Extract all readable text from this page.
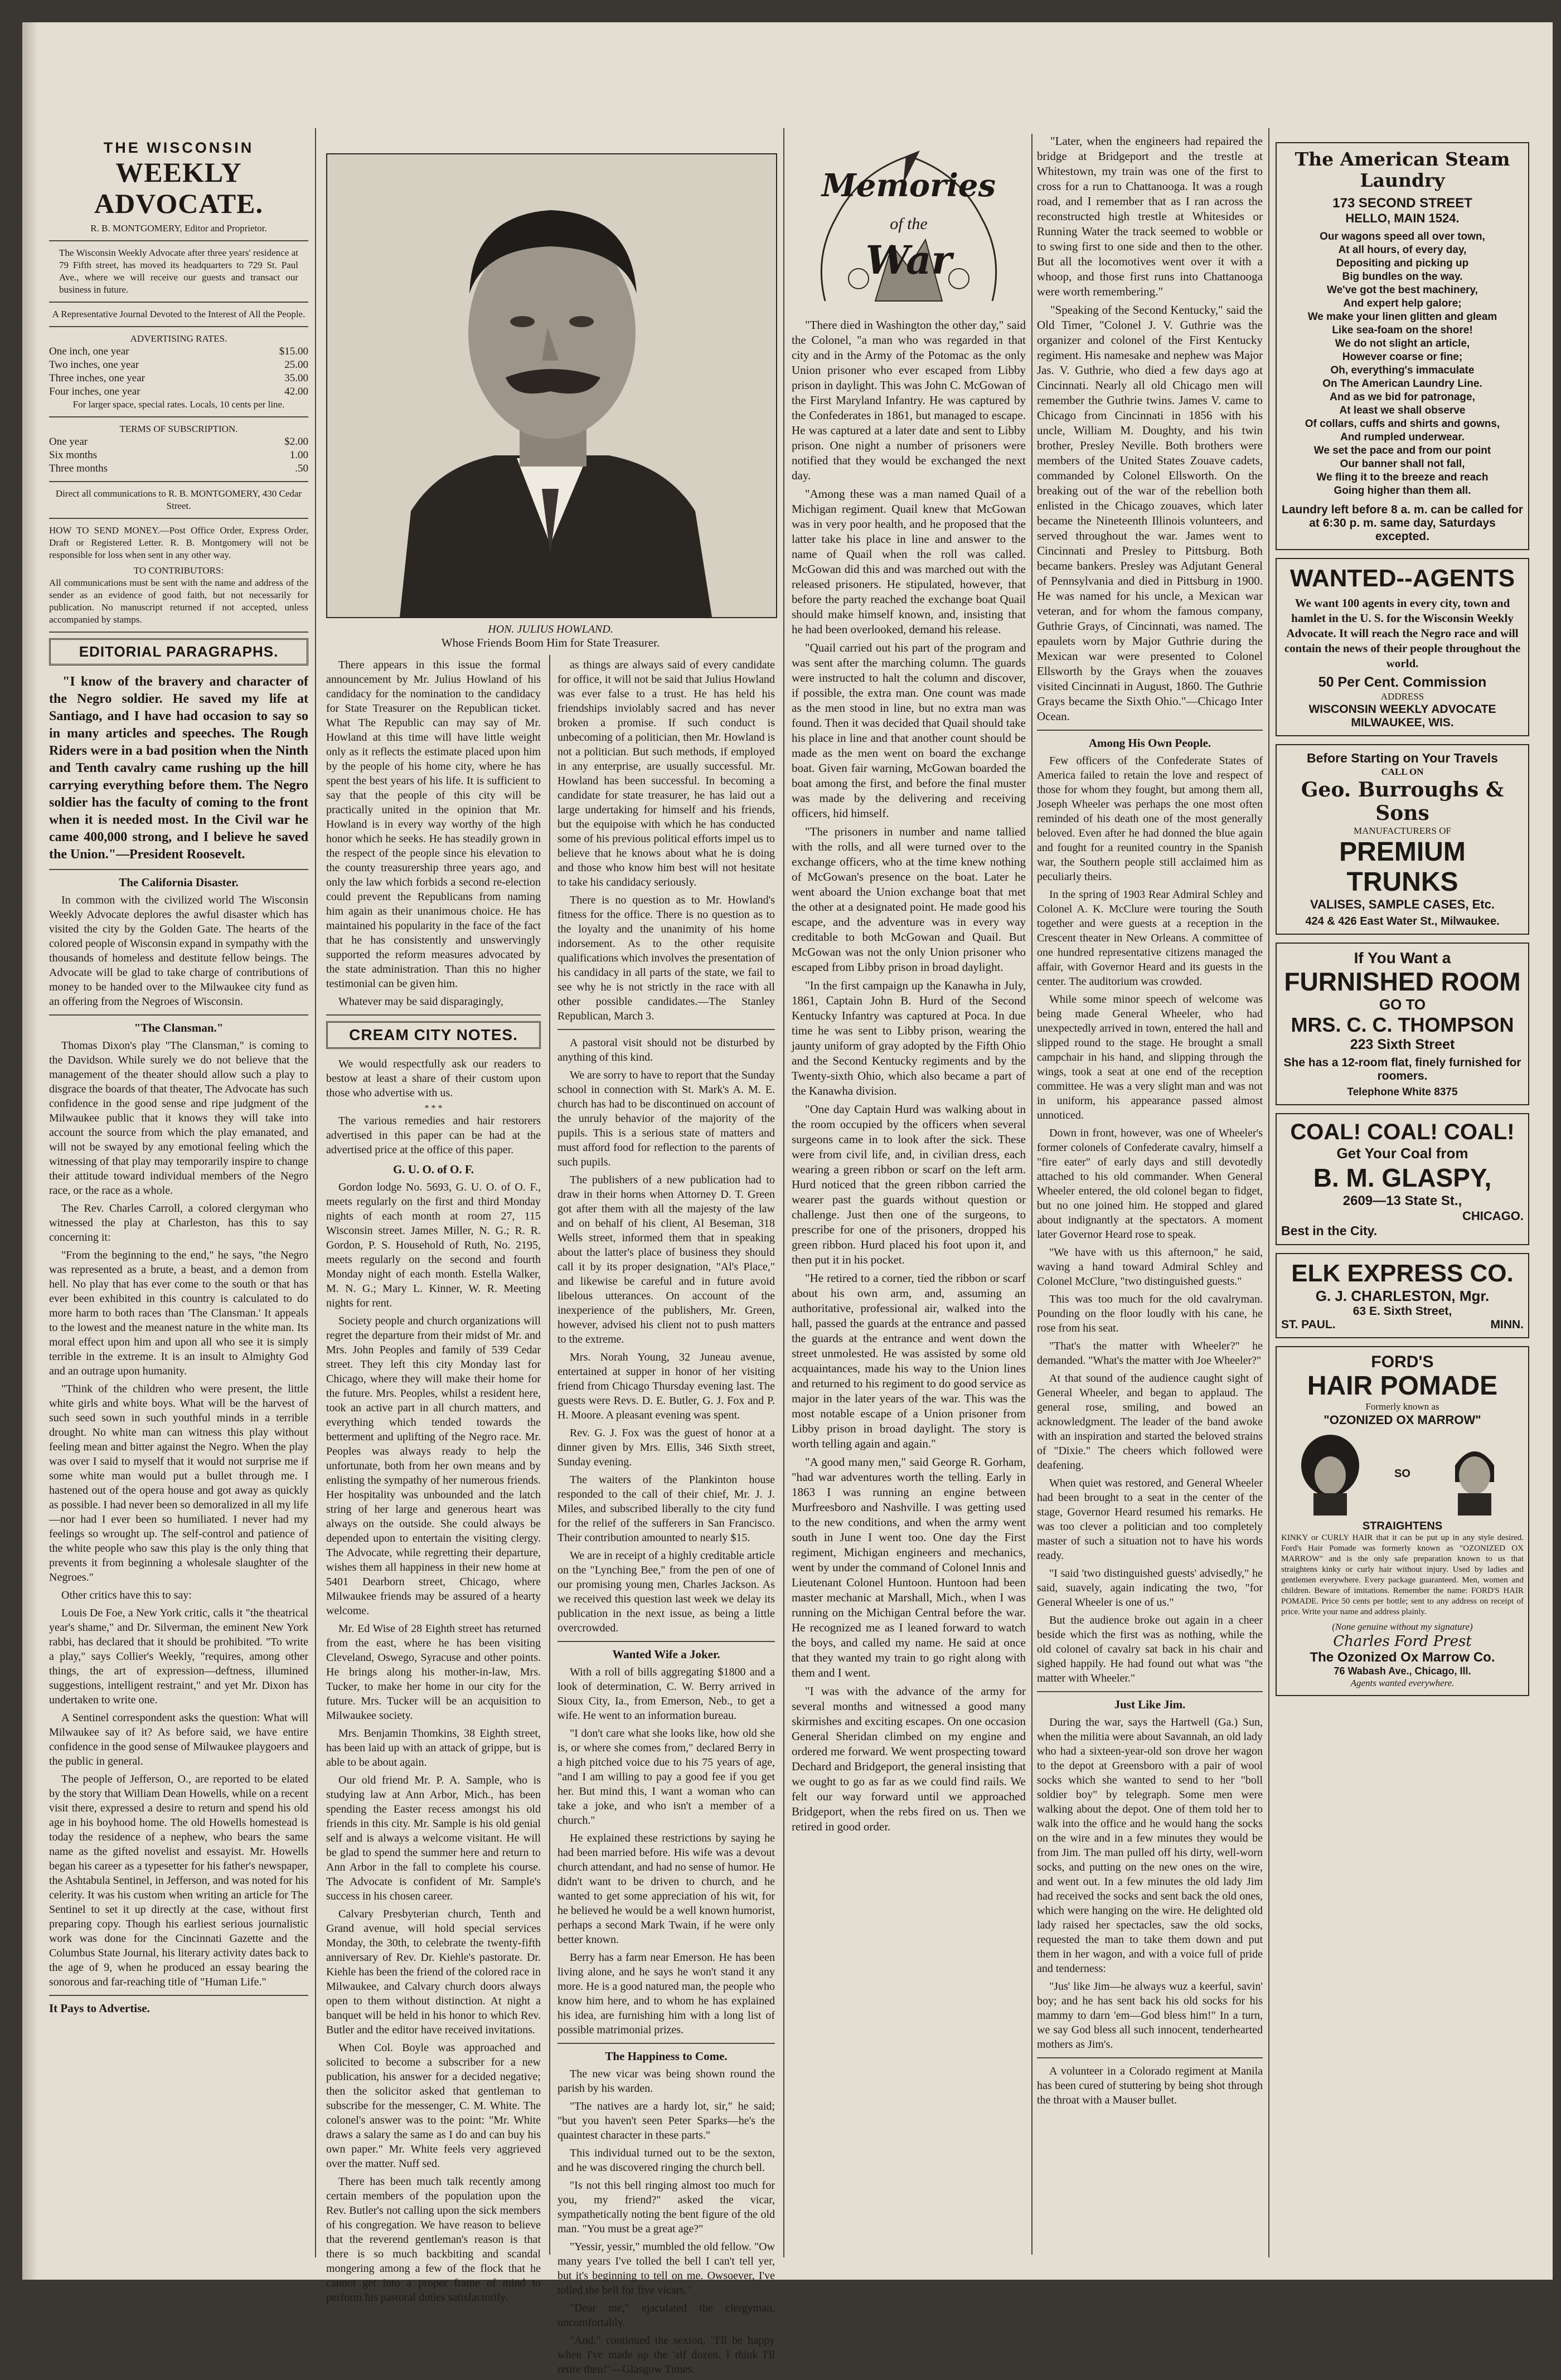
THE WISCONSIN
WEEKLY ADVOCATE.
R. B. MONTGOMERY, Editor and Proprietor.
The Wisconsin Weekly Advocate after three years' residence at 79 Fifth street, has moved its headquarters to 729 St. Paul Ave., where we will receive our guests and transact our business in future.
A Representative Journal Devoted to the Interest of All the People.
ADVERTISING RATES.
One inch, one year	$15.00
Two inches, one year	25.00
Three inches, one year	35.00
Four inches, one year	42.00
For larger space, special rates. Locals, 10 cents per line.
TERMS OF SUBSCRIPTION.
One year	$2.00
Six months	1.00
Three months	.50
Direct all communications to R. B. MONTGOMERY, 430 Cedar Street.
HOW TO SEND MONEY.—Post Office Order, Express Order, Draft or Registered Letter. R. B. Montgomery will not be responsible for loss when sent in any other way.
TO CONTRIBUTORS:
All communications must be sent with the name and address of the sender as an evidence of good faith, but not necessarily for publication. No manuscript returned if not accepted, unless accompanied by stamps.
EDITORIAL PARAGRAPHS.

"I know of the bravery and character of the Negro soldier. He saved my life at Santiago, and I have had occasion to say so in many articles and speeches. The Rough Riders were in a bad position when the Ninth and Tenth cavalry came rushing up the hill carrying everything before them. The Negro soldier has the faculty of coming to the front when it is needed most. In the Civil war he came 400,000 strong, and I believe he saved the Union."—President Roosevelt.

The California Disaster.

In common with the civilized world The Wisconsin Weekly Advocate deplores the awful disaster which has visited the city by the Golden Gate. The hearts of the colored people of Wisconsin expand in sympathy with the thousands of homeless and destitute fellow beings. The Advocate will be glad to take charge of contributions of money to be handed over to the Milwaukee city fund as an offering from the Negroes of Wisconsin.

"The Clansman."

Thomas Dixon's play "The Clansman," is coming to the Davidson. While surely we do not believe that the management of the theater should allow such a play to disgrace the boards of that theater, The Advocate has such confidence in the good sense and ripe judgment of the Milwaukee public that it knows they will take into account the source from which the play emanated, and will not be swayed by any emotional feeling which the witnessing of that play may temporarily inspire to change their attitude toward individual members of the Negro race, or the race as a whole.

The Rev. Charles Carroll, a colored clergyman who witnessed the play at Charleston, has this to say concerning it:

"From the beginning to the end," he says, "the Negro was represented as a brute, a beast, and a demon from hell. No play that has ever come to the south or that has ever been exhibited in this country is calculated to do more harm to both races than 'The Clansman.' It appeals to the lowest and the meanest nature in the white man. Its moral effect upon him and upon all who see it is simply terrible in the extreme. It is an insult to Almighty God and an outrage upon humanity.

"Think of the children who were present, the little white girls and white boys. What will be the harvest of such seed sown in such youthful minds in a terrible drought. No white man can witness this play without feeling mean and bitter against the Negro. When the play was over I said to myself that it would not surprise me if some white man would put a bullet through me. I hastened out of the opera house and got away as quickly as possible. I had never been so demoralized in all my life—nor had I ever been so humiliated. I never had my feelings so wrought up. The self-control and patience of the white people who saw this play is the only thing that prevents it from beginning a wholesale slaughter of the Negroes."

Other critics have this to say:

Louis De Foe, a New York critic, calls it "the theatrical year's shame," and Dr. Silverman, the eminent New York rabbi, has declared that it should be prohibited. "To write a play," says Collier's Weekly, "requires, among other things, the art of expression—deftness, illumined suggestions, intelligent restraint," and yet Mr. Dixon has undertaken to write one.

A Sentinel correspondent asks the question: What will Milwaukee say of it? As before said, we have entire confidence in the good sense of Milwaukee playgoers and the public in general.

The people of Jefferson, O., are reported to be elated by the story that William Dean Howells, while on a recent visit there, expressed a desire to return and spend his old age in his boyhood home. The old Howells homestead is today the residence of a nephew, who bears the same name as the gifted novelist and essayist. Mr. Howells began his career as a typesetter for his father's newspaper, the Ashtabula Sentinel, in Jefferson, and was noted for his celerity. It was his custom when writing an article for The Sentinel to set it up directly at the case, without first preparing copy. Though his earliest serious journalistic work was done for the Cincinnati Gazette and the Columbus State Journal, his literary activity dates back to the age of 9, when he produced an essay bearing the sonorous and far-reaching title of "Human Life."

It Pays to Advertise.
HON. JULIUS HOWLAND.
Whose Friends Boom Him for State Treasurer.

There appears in this issue the formal announcement by Mr. Julius Howland of his candidacy for the nomination to the candidacy for State Treasurer on the Republican ticket. What The Republic can may say of Mr. Howland at this time will have little weight only as it reflects the estimate placed upon him by the people of his home city, where he has spent the best years of his life. It is sufficient to say that the people of this city will be practically united in the opinion that Mr. Howland is in every way worthy of the high honor which he seeks. He has steadily grown in the respect of the people since his elevation to the county treasurership three years ago, and only the law which forbids a second re-election could prevent the Republicans from naming him again as their unanimous choice. He has maintained his popularity in the face of the fact that he has consistently and unswervingly supported the reform measures advocated by the state administration. Than this no higher testimonial can be given him.

Whatever may be said disparagingly,

CREAM CITY NOTES.

We would respectfully ask our readers to bestow at least a share of their custom upon those who advertise with us.

* * *

The various remedies and hair restorers advertised in this paper can be had at the advertised price at the office of this paper.

G. U. O. of O. F.

Gordon lodge No. 5693, G. U. O. of O. F., meets regularly on the first and third Monday nights of each month at room 27, 115 Wisconsin street. James Miller, N. G.; R. R. Gordon, P. S. Household of Ruth, No. 2195, meets regularly on the second and fourth Monday night of each month. Estella Walker, M. N. G.; Mary L. Kinner, W. R. Meeting nights for rent.

Society people and church organizations will regret the departure from their midst of Mr. and Mrs. John Peoples and family of 539 Cedar street. They left this city Monday last for Chicago, where they will make their home for the future. Mrs. Peoples, whilst a resident here, took an active part in all church matters, and everything which tended towards the betterment and uplifting of the Negro race. Mr. Peoples was always ready to help the unfortunate, both from her own means and by enlisting the sympathy of her numerous friends. Her hospitality was unbounded and the latch string of her large and generous heart was always on the outside. She could always be depended upon to entertain the visiting clergy. The Advocate, while regretting their departure, wishes them all happiness in their new home at 5401 Dearborn street, Chicago, where Milwaukee friends may be assured of a hearty welcome.

Mr. Ed Wise of 28 Eighth street has returned from the east, where he has been visiting Cleveland, Oswego, Syracuse and other points. He brings along his mother-in-law, Mrs. Tucker, to make her home in our city for the future. Mrs. Tucker will be an acquisition to Milwaukee society.

Mrs. Benjamin Thomkins, 38 Eighth street, has been laid up with an attack of grippe, but is able to be about again.

Our old friend Mr. P. A. Sample, who is studying law at Ann Arbor, Mich., has been spending the Easter recess amongst his old friends in this city. Mr. Sample is his old genial self and is always a welcome visitant. He will be glad to spend the summer here and return to Ann Arbor in the fall to complete his course. The Advocate is confident of Mr. Sample's success in his chosen career.

Calvary Presbyterian church, Tenth and Grand avenue, will hold special services Monday, the 30th, to celebrate the twenty-fifth anniversary of Rev. Dr. Kiehle's pastorate. Dr. Kiehle has been the friend of the colored race in Milwaukee, and Calvary church doors always open to them without distinction. At night a banquet will be held in his honor to which Rev. Butler and the editor have received invitations.

When Col. Boyle was approached and solicited to become a subscriber for a new publication, his answer for a decided negative; then the solicitor asked that gentleman to subscribe for the messenger, C. M. White. The colonel's answer was to the point: "Mr. White draws a salary the same as I do and can buy his own paper." Mr. White feels very aggrieved over the matter. Nuff sed.

There has been much talk recently among certain members of the population upon the Rev. Butler's not calling upon the sick members of his congregation. We have reason to believe that the reverend gentleman's reason is that there is so much backbiting and scandal mongering among a few of the flock that he cannot get into a proper frame of mind to perform his pastoral duties satisfactorily.

as things are always said of every candidate for office, it will not be said that Julius Howland was ever false to a trust. He has held his friendships inviolably sacred and has never broken a promise. If such conduct is unbecoming of a politician, then Mr. Howland is not a politician. But such methods, if employed in any enterprise, are usually successful. Mr. Howland has been successful. In becoming a candidate for state treasurer, he has laid out a large undertaking for himself and his friends, but the equipoise with which he has conducted some of his previous political efforts impel us to believe that he knows about what he is doing and those who know him best will not hesitate to take his candidacy seriously.

There is no question as to Mr. Howland's fitness for the office. There is no question as to the loyalty and the unanimity of his home indorsement. As to the other requisite qualifications which involves the presentation of his candidacy in all parts of the state, we fail to see why he is not strictly in the race with all other possible candidates.—The Stanley Republican, March 3.

A pastoral visit should not be disturbed by anything of this kind.

We are sorry to have to report that the Sunday school in connection with St. Mark's A. M. E. church has had to be discontinued on account of the unruly behavior of the majority of the pupils. This is a serious state of matters and must afford food for reflection to the parents of such pupils.

The publishers of a new publication had to draw in their horns when Attorney D. T. Green got after them with all the majesty of the law and on behalf of his client, Al Beseman, 318 Wells street, informed them that in speaking about the latter's place of business they should call it by its proper designation, "Al's Place," and likewise be careful and in future avoid libelous utterances. On account of the inexperience of the publishers, Mr. Green, however, advised his client not to push matters to the extreme.

Mrs. Norah Young, 32 Juneau avenue, entertained at supper in honor of her visiting friend from Chicago Thursday evening last. The guests were Revs. D. E. Butler, G. J. Fox and P. H. Moore. A pleasant evening was spent.

Rev. G. J. Fox was the guest of honor at a dinner given by Mrs. Ellis, 346 Sixth street, Sunday evening.

The waiters of the Plankinton house responded to the call of their chief, Mr. J. J. Miles, and subscribed liberally to the city fund for the relief of the sufferers in San Francisco. Their contribution amounted to nearly $15.

We are in receipt of a highly creditable article on the "Lynching Bee," from the pen of one of our promising young men, Charles Jackson. As we received this question last week we delay its publication in the next issue, as being a little overcrowded.

Wanted Wife a Joker.

With a roll of bills aggregating $1800 and a look of determination, C. W. Berry arrived in Sioux City, Ia., from Emerson, Neb., to get a wife. He went to an information bureau.

"I don't care what she looks like, how old she is, or where she comes from," declared Berry in a high pitched voice due to his 75 years of age, "and I am willing to pay a good fee if you get her. But mind this, I want a woman who can take a joke, and who isn't a member of a church."

He explained these restrictions by saying he had been married before. His wife was a devout church attendant, and had no sense of humor. He didn't want to be driven to church, and he wanted to get some appreciation of his wit, for he believed he would be a well known humorist, perhaps a second Mark Twain, if he were only better known.

Berry has a farm near Emerson. He has been living alone, and he says he won't stand it any more. He is a good natured man, the people who know him here, and to whom he has explained his idea, are furnishing him with a long list of possible matrimonial prizes.

The Happiness to Come.

The new vicar was being shown round the parish by his warden.

"The natives are a hardy lot, sir," he said; "but you haven't seen Peter Sparks—he's the quaintest character in these parts."

This individual turned out to be the sexton, and he was discovered ringing the church bell.

"Is not this bell ringing almost too much for you, my friend?" asked the vicar, sympathetically noting the bent figure of the old man. "You must be a great age?"

"Yessir, yessir," mumbled the old fellow. "Ow many years I've tolled the bell I can't tell yer, but it's beginning to tell on me. Owsoever, I've tolled the bell for five vicars."

"Dear me," ejaculated the clergyman, uncomfortably.

"And," continued the sexton, "I'll be happy when I've made up the 'alf dozen. I think I'll retire then!"—Glasgow Times.

Memories
of the
War

"There died in Washington the other day," said the Colonel, "a man who was regarded in that city and in the Army of the Potomac as the only Union prisoner who ever escaped from Libby prison in daylight. This was John C. McGowan of the First Maryland Infantry. He was captured by the Confederates in 1861, but managed to escape. He was captured at a later date and sent to Libby prison. One night a number of prisoners were notified that they would be exchanged the next day.

"Among these was a man named Quail of a Michigan regiment. Quail knew that McGowan was in very poor health, and he proposed that the latter take his place in line and answer to the name of Quail when the roll was called. McGowan did this and was marched out with the released prisoners. He stipulated, however, that before the party reached the exchange boat Quail should make himself known, and, insisting that he had been overlooked, demand his release.

"Quail carried out his part of the program and was sent after the marching column. The guards were instructed to halt the column and discover, if possible, the extra man. One count was made as the men stood in line, but no extra man was found. Then it was decided that Quail should take his place in line and that another count should be made as the men went on board the exchange boat. Given fair warning, McGowan boarded the boat among the first, and before the final muster was made by the delivering and receiving officers, hid himself.

"The prisoners in number and name tallied with the rolls, and all were turned over to the exchange officers, who at the time knew nothing of McGowan's presence on the boat. Later he went aboard the Union exchange boat that met the other at a designated point. He made good his escape, and the adventure was in every way creditable to both McGowan and Quail. But McGowan was not the only Union prisoner who escaped from Libby prison in broad daylight.

"In the first campaign up the Kanawha in July, 1861, Captain John B. Hurd of the Second Kentucky Infantry was captured at Poca. In due time he was sent to Libby prison, wearing the jaunty uniform of gray adopted by the Fifth Ohio and the Second Kentucky regiments and by the Twenty-sixth Ohio, which also became a part of the Kanawha division.

"One day Captain Hurd was walking about in the room occupied by the officers when several surgeons came in to look after the sick. These were from civil life, and, in civilian dress, each wearing a green ribbon or scarf on the left arm. Hurd noticed that the green ribbon carried the wearer past the guards without question or challenge. Just then one of the surgeons, to prescribe for one of the prisoners, dropped his green ribbon. Hurd placed his foot upon it, and then put it in his pocket.

"He retired to a corner, tied the ribbon or scarf about his own arm, and, assuming an authoritative, professional air, walked into the hall, passed the guards at the entrance and passed the guards at the entrance and went down the street unmolested. He was assisted by some old acquaintances, made his way to the Union lines and returned to his regiment to do good service as major in the later years of the war. This was the most notable escape of a Union prisoner from Libby prison in broad daylight. The story is worth telling again and again."

"A good many men," said George R. Gorham, "had war adventures worth the telling. Early in 1863 I was running an engine between Murfreesboro and Nashville. I was getting used to the new conditions, and when the army went south in June I went too. One day the First regiment, Michigan engineers and mechanics, went by under the command of Colonel Innis and Lieutenant Colonel Huntoon. Huntoon had been master mechanic at Marshall, Mich., when I was running on the Michigan Central before the war. He recognized me as I leaned forward to watch the boys, and called my name. He said at once that they wanted my train to go right along with them and I went.

"I was with the advance of the army for several months and witnessed a good many skirmishes and exciting escapes. On one occasion General Sheridan climbed on my engine and ordered me forward. We went prospecting toward Dechard and Bridgeport, the general insisting that we ought to go as far as we could find rails. We felt our way forward until we approached Bridgeport, when the rebs fired on us. Then we retired in good order.

"Later, when the engineers had repaired the bridge at Bridgeport and the trestle at Whitestown, my train was one of the first to cross for a run to Chattanooga. It was a rough road, and I remember that as I ran across the reconstructed high trestle at Whitesides or Running Water the track seemed to wobble or to swing first to one side and then to the other. But all the locomotives went over it with a whoop, and those first runs into Chattanooga were worth remembering."

"Speaking of the Second Kentucky," said the Old Timer, "Colonel J. V. Guthrie was the organizer and colonel of the First Kentucky regiment. His namesake and nephew was Major Jas. V. Guthrie, who died a few days ago at Cincinnati. Nearly all old Chicago men will remember the Guthrie twins. James V. came to Chicago from Cincinnati in 1856 with his uncle, William M. Doughty, and his twin brother, Presley Neville. Both brothers were members of the United States Zouave cadets, commanded by Colonel Ellsworth. On the breaking out of the war of the rebellion both enlisted in the Chicago zouaves, which later became the Nineteenth Illinois volunteers, and served throughout the war. James went to Cincinnati and Presley to Pittsburg. Both became bankers. Presley was Adjutant General of Pennsylvania and died in Pittsburg in 1900. He was named for his uncle, a Mexican war veteran, and for whom the famous company, Guthrie Grays, of Cincinnati, was named. The epaulets worn by Major Guthrie during the Mexican war were presented to Colonel Ellsworth by the Grays when the zouaves visited Cincinnati in August, 1860. The Guthrie Grays became the Sixth Ohio."—Chicago Inter Ocean.

Among His Own People.

Few officers of the Confederate States of America failed to retain the love and respect of those for whom they fought, but among them all, Joseph Wheeler was perhaps the one most often reminded of his death one of the most generally beloved. Even after he had donned the blue again and fought for a reunited country in the Spanish war, the Southern people still acclaimed him as peculiarly theirs.

In the spring of 1903 Rear Admiral Schley and Colonel A. K. McClure were touring the South together and were guests at a reception in the Crescent theater in New Orleans. A committee of one hundred representative citizens managed the affair, with Governor Heard and its guests in the center. The auditorium was crowded.

While some minor speech of welcome was being made General Wheeler, who had unexpectedly arrived in town, entered the hall and slipped round to the stage. He brought a small campchair in his hand, and slipping through the wings, took a seat at one end of the reception committee. He was a very slight man and was not in uniform, his appearance passed almost unnoticed.

Down in front, however, was one of Wheeler's former colonels of Confederate cavalry, himself a "fire eater" of early days and still devotedly attached to his old commander. When General Wheeler entered, the old colonel began to fidget, but no one joined him. He stopped and glared about indignantly at the spectators. A moment later Governor Heard rose to speak.

"We have with us this afternoon," he said, waving a hand toward Admiral Schley and Colonel McClure, "two distinguished guests."

This was too much for the old cavalryman. Pounding on the floor loudly with his cane, he rose from his seat.

"That's the matter with Wheeler?" he demanded. "What's the matter with Joe Wheeler?"

At that sound of the audience caught sight of General Wheeler, and began to applaud. The general rose, smiling, and bowed an acknowledgment. The leader of the band awoke with an inspiration and started the beloved strains of "Dixie." The cheers which followed were deafening.

When quiet was restored, and General Wheeler had been brought to a seat in the center of the stage, Governor Heard resumed his remarks. He was too clever a politician and too completely master of such a situation not to have his words ready.

"I said 'two distinguished guests' advisedly," he said, suavely, again indicating the two, "for General Wheeler is one of us."

But the audience broke out again in a cheer beside which the first was as nothing, while the old colonel of cavalry sat back in his chair and sighed happily. He had found out what was "the matter with Wheeler."

Just Like Jim.

During the war, says the Hartwell (Ga.) Sun, when the militia were about Savannah, an old lady who had a sixteen-year-old son drove her wagon to the depot at Greensboro with a pair of wool socks which she wanted to send to her "boll soldier boy" by telegraph. Some men were walking about the depot. One of them told her to walk into the office and he would hang the socks on the wire and in a few minutes they would be from Jim. The man pulled off his dirty, well-worn socks, and putting on the new ones on the wire, and went out. In a few minutes the old lady Jim had received the socks and sent back the old ones, which were hanging on the wire. He delighted old lady raised her spectacles, saw the old socks, requested the man to take them down and put them in her wagon, and with a voice full of pride and tenderness:

"Jus' like Jim—he always wuz a keerful, savin' boy; and he has sent back his old socks for his mammy to darn 'em—God bless him!" In a turn, we say God bless all such innocent, tenderhearted mothers as Jim's.

A volunteer in a Colorado regiment at Manila has been cured of stuttering by being shot through the throat with a Mauser bullet.

The American Steam Laundry
173 SECOND STREET
HELLO, MAIN 1524.
Our wagons speed all over town,
At all hours, of every day,
Depositing and picking up
Big bundles on the way.
We've got the best machinery,
And expert help galore;
We make your linen glitten and gleam
Like sea-foam on the shore!
We do not slight an article,
However coarse or fine;
Oh, everything's immaculate
On The American Laundry Line.
And as we bid for patronage,
At least we shall observe
Of collars, cuffs and shirts and gowns,
And rumpled underwear.
We set the pace and from our point
Our banner shall not fall,
We fling it to the breeze and reach
Going higher than them all.
Laundry left before 8 a. m. can be called for at 6:30 p. m. same day, Saturdays excepted.
WANTED--AGENTS
We want 100 agents in every city, town and hamlet in the U. S. for the Wisconsin Weekly Advocate. It will reach the Negro race and will contain the news of their people throughout the world.
50 Per Cent. Commission
ADDRESS
WISCONSIN WEEKLY ADVOCATE MILWAUKEE, WIS.
Before Starting on Your Travels
CALL ON
Geo. Burroughs & Sons
MANUFACTURERS OF
PREMIUM TRUNKS
VALISES, SAMPLE CASES, Etc.
424 & 426 East Water St., Milwaukee.
If You Want a
FURNISHED ROOM
GO TO
MRS. C. C. THOMPSON
223 Sixth Street
She has a 12-room flat, finely furnished for roomers.
Telephone White 8375
COAL! COAL! COAL!
Get Your Coal from
B. M. GLASPY,
2609—13 State St.,
CHICAGO.
Best in the City.
ELK EXPRESS CO.
G. J. CHARLESTON, Mgr.
63 E. Sixth Street,
ST. PAUL.	MINN.
FORD'S
HAIR POMADE
Formerly known as
"OZONIZED OX MARROW"
SO
STRAIGHTENS
KINKY or CURLY HAIR that it can be put up in any style desired. Ford's Hair Pomade was formerly known as "OZONIZED OX MARROW" and is the only safe preparation known to us that straightens kinky or curly hair without injury. Used by ladies and gentlemen everywhere. Every package guaranteed. Men, women and children. Beware of imitations. Remember the name: FORD'S HAIR POMADE. Price 50 cents per bottle; sent to any address on receipt of price. Write your name and address plainly.
(None genuine without my signature)
Charles Ford Prest
The Ozonized Ox Marrow Co.
76 Wabash Ave., Chicago, Ill.
Agents wanted everywhere.
